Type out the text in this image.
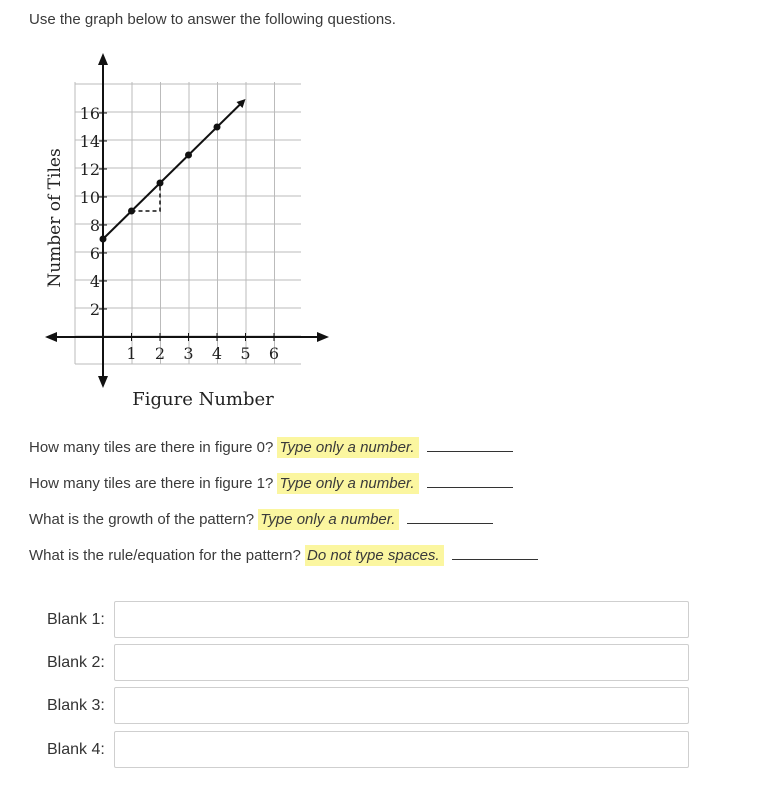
Use the graph below to answer the following questions.
2
4
6
8
10
12
14
16
1 2 3 4 5 6
Number of Tiles
Figure Number
How many tiles are there in figure 0? Type only a number.
How many tiles are there in figure 1? Type only a number.
What is the growth of the pattern? Type only a number.
What is the rule/equation for the pattern? Do not type spaces.
Blank 1:
Blank 2:
Blank 3:
Blank 4:
